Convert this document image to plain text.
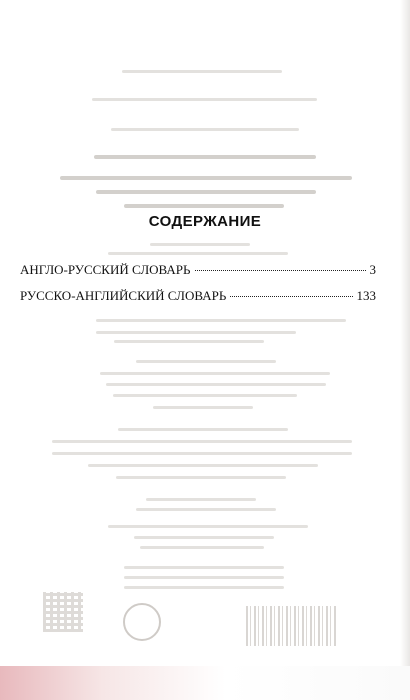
СОДЕРЖАНИЕ
АНГЛО-РУССКИЙ СЛОВАРЬ	3
РУССКО-АНГЛИЙСКИЙ СЛОВАРЬ	133
